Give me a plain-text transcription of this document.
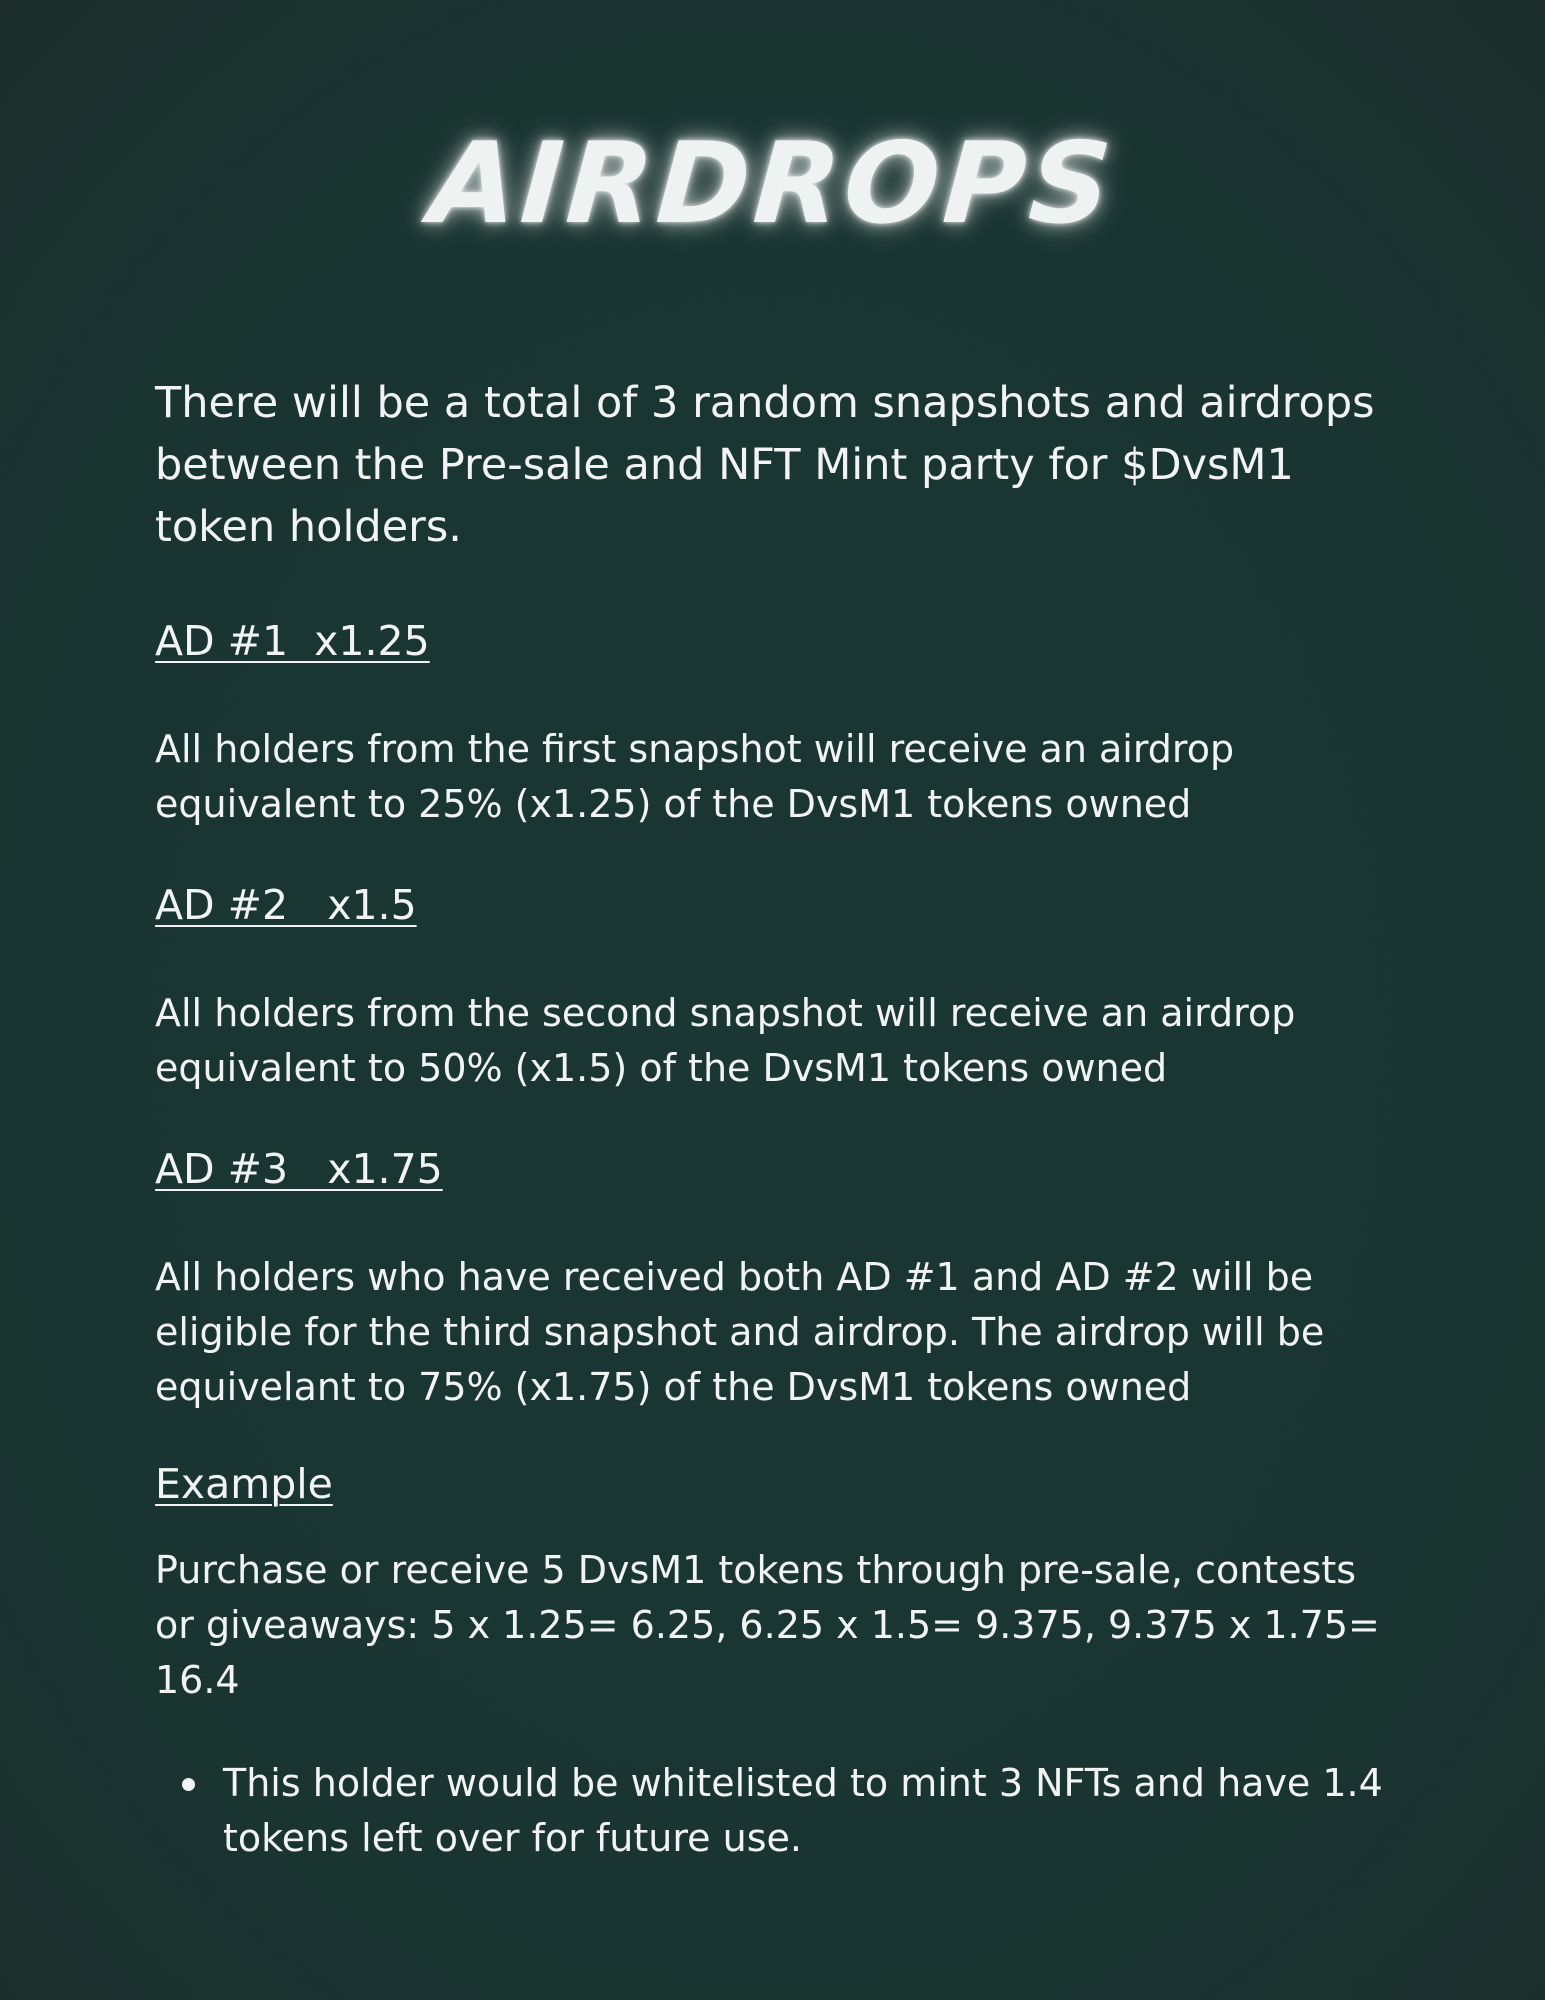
AIRDROPS

There will be a total of 3 random snapshots and airdrops between the Pre-sale and NFT Mint party for $DvsM1 token holders.

AD #1  x1.25

All holders from the first snapshot will receive an airdrop equivalent to 25% (x1.25) of the DvsM1 tokens owned

AD #2   x1.5

All holders from the second snapshot will receive an airdrop equivalent to 50% (x1.5) of the DvsM1 tokens owned

AD #3   x1.75

All holders who have received both AD #1 and AD #2 will be eligible for the third snapshot and airdrop. The airdrop will be equivelant to 75% (x1.75) of the DvsM1 tokens owned

Example

Purchase or receive 5 DvsM1 tokens through pre-sale, contests or giveaways: 5 x 1.25= 6.25, 6.25 x 1.5= 9.375, 9.375 x 1.75= 16.4

This holder would be whitelisted to mint 3 NFTs and have 1.4 tokens left over for future use.
